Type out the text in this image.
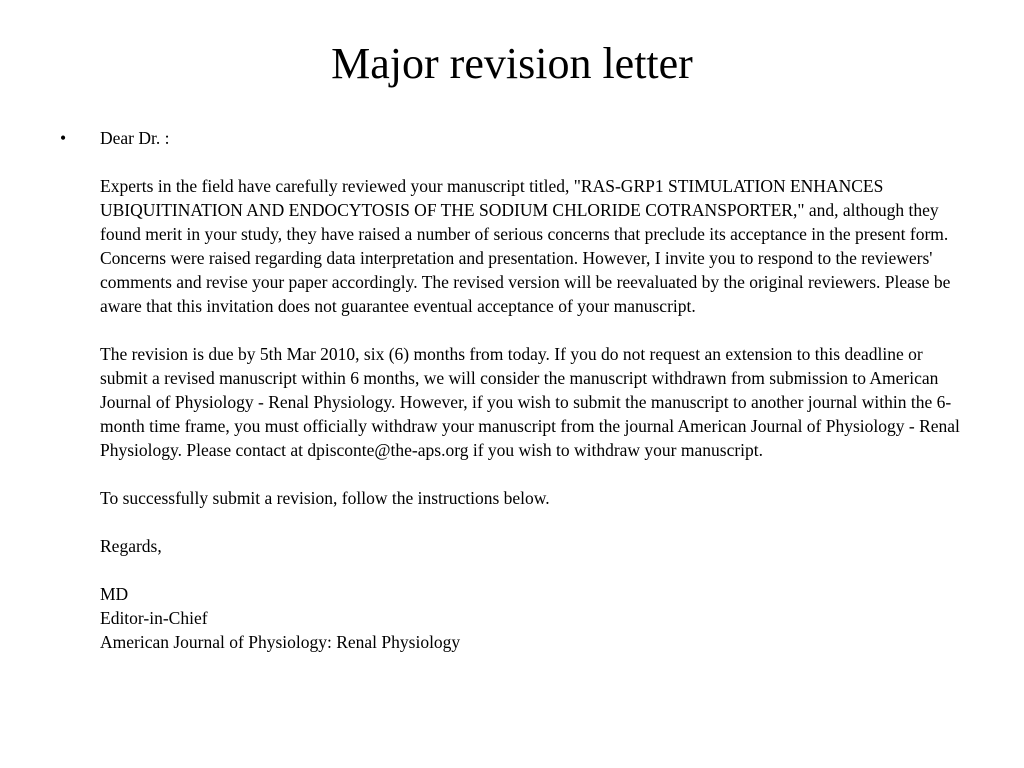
Major revision letter
• Dear Dr. :

Experts in the field have carefully reviewed your manuscript titled, "RAS-GRP1 STIMULATION ENHANCES UBIQUITINATION AND ENDOCYTOSIS OF THE SODIUM CHLORIDE COTRANSPORTER," and, although they found merit in your study, they have raised a number of serious concerns that preclude its acceptance in the present form. Concerns were raised regarding data interpretation and presentation. However, I invite you to respond to the reviewers' comments and revise your paper accordingly. The revised version will be reevaluated by the original reviewers. Please be aware that this invitation does not guarantee eventual acceptance of your manuscript.

The revision is due by 5th Mar 2010, six (6) months from today. If you do not request an extension to this deadline or submit a revised manuscript within 6 months, we will consider the manuscript withdrawn from submission to American Journal of Physiology - Renal Physiology. However, if you wish to submit the manuscript to another journal within the 6-month time frame, you must officially withdraw your manuscript from the journal American Journal of Physiology - Renal Physiology. Please contact at dpisconte@the-aps.org if you wish to withdraw your manuscript.

To successfully submit a revision, follow the instructions below.

Regards,

MD
Editor-in-Chief
American Journal of Physiology: Renal Physiology
